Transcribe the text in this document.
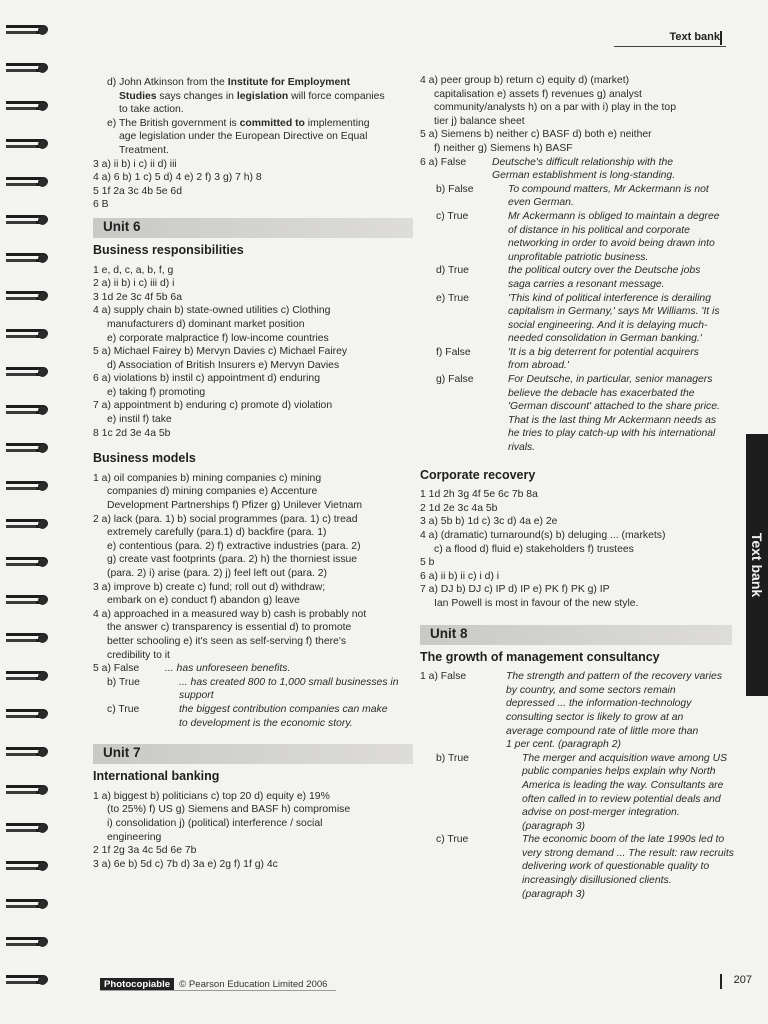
Text bank
d) John Atkinson from the Institute for Employment
Studies says changes in legislation will force companies
to take action.
e) The British government is committed to implementing
age legislation under the European Directive on Equal
Treatment.
3 a) ii b) i c) ii d) iii
4 a) 6 b) 1 c) 5 d) 4 e) 2 f) 3 g) 7 h) 8
5 1f 2a 3c 4b 5e 6d
6 B
Unit 6
Business responsibilities
1 e, d, c, a, b, f, g
2 a) ii b) i c) iii d) i
3 1d 2e 3c 4f 5b 6a
4 a) supply chain b) state-owned utilities c) Clothing
manufacturers d) dominant market position
e) corporate malpractice f) low-income countries
5 a) Michael Fairey b) Mervyn Davies c) Michael Fairey
d) Association of British Insurers e) Mervyn Davies
6 a) violations b) instil c) appointment d) enduring
e) taking f) promoting
7 a) appointment b) enduring c) promote d) violation
e) instil f) take
8 1c 2d 3e 4a 5b
Business models
1 a) oil companies b) mining companies c) mining
companies d) mining companies e) Accenture
Development Partnerships f) Pfizer g) Unilever Vietnam
2 a) lack (para. 1) b) social programmes (para. 1) c) tread
extremely carefully (para.1) d) backfire (para. 1)
e) contentious (para. 2) f) extractive industries (para. 2)
g) create vast footprints (para. 2) h) the thorniest issue
(para. 2) i) arise (para. 2) j) feel left out (para. 2)
3 a) improve b) create c) fund; roll out d) withdraw;
embark on e) conduct f) abandon g) leave
4 a) approached in a measured way b) cash is probably not
the answer c) transparency is essential d) to promote
better schooling e) it's seen as self-serving f) there's
credibility to it
5 a) False	... has unforeseen benefits.
b) True	... has created 800 to 1,000 small businesses in
support
c) True	the biggest contribution companies can make
to development is the economic story.
Unit 7
International banking
1 a) biggest b) politicians c) top 20 d) equity e) 19%
(to 25%) f) US g) Siemens and BASF h) compromise
i) consolidation j) (political) interference / social
engineering
2 1f 2g 3a 4c 5d 6e 7b
3 a) 6e b) 5d c) 7b d) 3a e) 2g f) 1f g) 4c
4 a) peer group b) return c) equity d) (market)
capitalisation e) assets f) revenues g) analyst
community/analysts h) on a par with i) play in the top
tier j) balance sheet
5 a) Siemens b) neither c) BASF d) both e) neither
f) neither g) Siemens h) BASF
6 a) False	Deutsche's difficult relationship with the
German establishment is long-standing.
b) False	To compound matters, Mr Ackermann is not
even German.
c) True	Mr Ackermann is obliged to maintain a degree
of distance in his political and corporate
networking in order to avoid being drawn into
unprofitable patriotic business.
d) True	the political outcry over the Deutsche jobs
saga carries a resonant message.
e) True	'This kind of political interference is derailing
capitalism in Germany,' says Mr Williams. 'It is
social engineering. And it is delaying much-
needed consolidation in German banking.'
f) False	'It is a big deterrent for potential acquirers
from abroad.'
g) False	For Deutsche, in particular, senior managers
believe the debacle has exacerbated the
'German discount' attached to the share price.
That is the last thing Mr Ackermann needs as
he tries to play catch-up with his international
rivals.
Corporate recovery
1 1d 2h 3g 4f 5e 6c 7b 8a
2 1d 2e 3c 4a 5b
3 a) 5b b) 1d c) 3c d) 4a e) 2e
4 a) (dramatic) turnaround(s) b) deluging ... (markets)
c) a flood d) fluid e) stakeholders f) trustees
5 b
6 a) ii b) ii c) i d) i
7 a) DJ b) DJ c) IP d) IP e) PK f) PK g) IP
Ian Powell is most in favour of the new style.
Unit 8
The growth of management consultancy
1 a) False	The strength and pattern of the recovery varies
by country, and some sectors remain
depressed ... the information-technology
consulting sector is likely to grow at an
average compound rate of little more than
1 per cent. (paragraph 2)
b) True	The merger and acquisition wave among US
public companies helps explain why North
America is leading the way. Consultants are
often called in to review potential deals and
advise on post-merger integration.
(paragraph 3)
c) True	The economic boom of the late 1990s led to
very strong demand ... The result: raw recruits
delivering work of questionable quality to
increasingly disillusioned clients.
(paragraph 3)
Text bank
Photocopiable © Pearson Education Limited 2006	207
